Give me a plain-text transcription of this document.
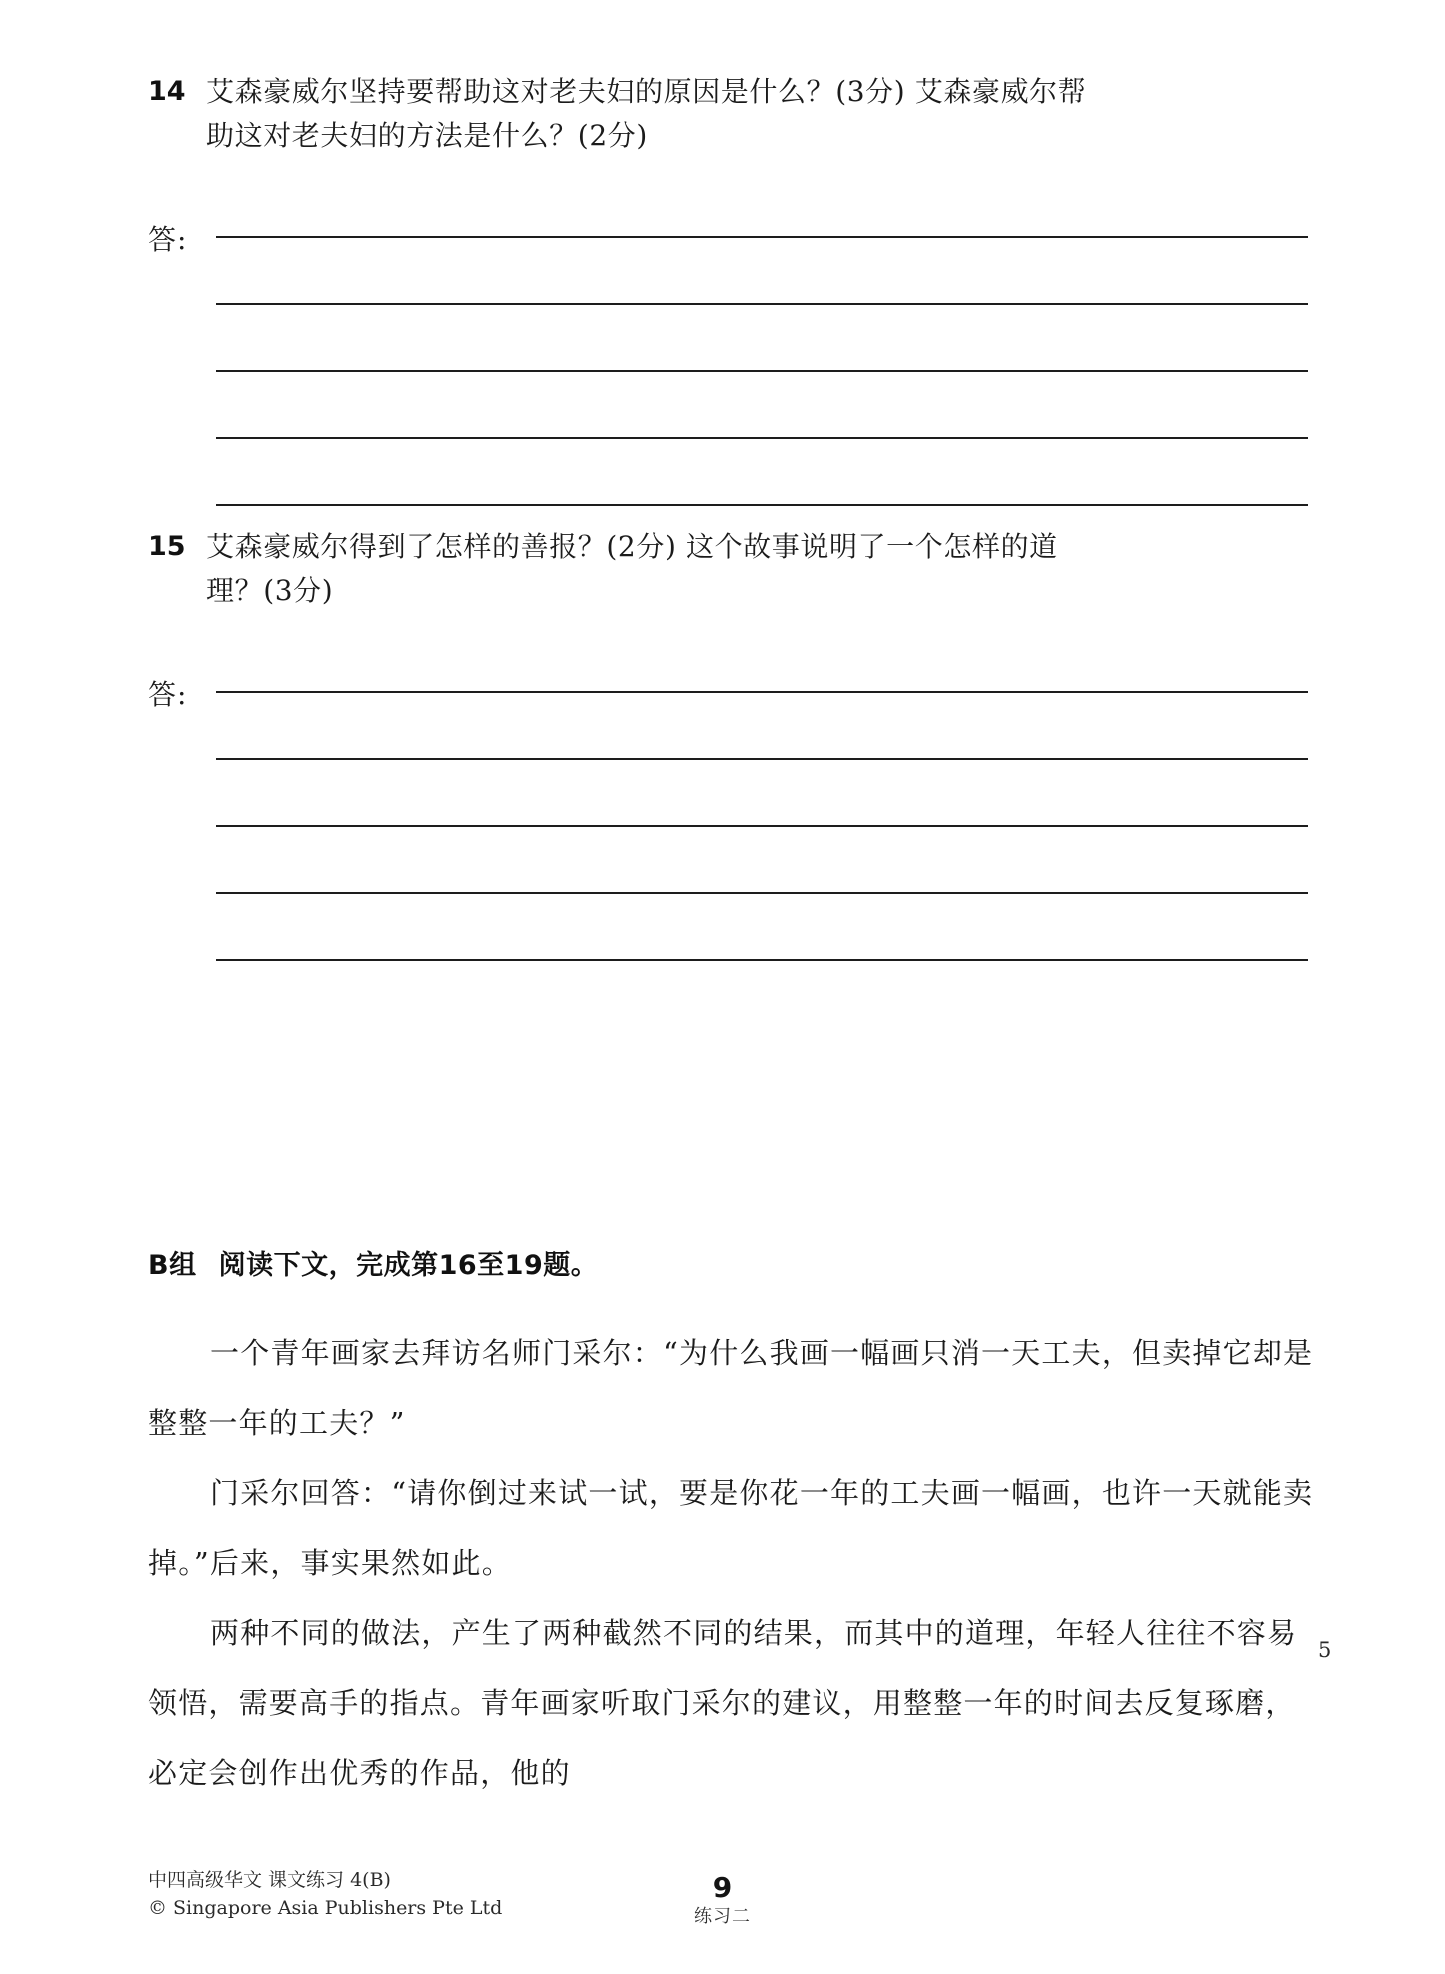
14 艾森豪威尔坚持要帮助这对老夫妇的原因是什么？(3分) 艾森豪威尔帮
助这对老夫妇的方法是什么？(2分)
答:
15 艾森豪威尔得到了怎样的善报？(2分) 这个故事说明了一个怎样的道
理？(3分)
答:
B组 阅读下文，完成第16至19题。

一个青年画家去拜访名师门采尔：“为什么我画一幅画只消一天工夫，但卖掉它却是整整一年的工夫？”

门采尔回答：“请你倒过来试一试，要是你花一年的工夫画一幅画，也许一天就能卖掉。”后来，事实果然如此。

两种不同的做法，产生了两种截然不同的结果，而其中的道理，年轻人往往不容易领悟，需要高手的指点。青年画家听取门采尔的建议，用整整一年的时间去反复琢磨，必定会创作出优秀的作品，他的

5
中四高级华文 课文练习 4(B)
© Singapore Asia Publishers Pte Ltd
9
练习二
